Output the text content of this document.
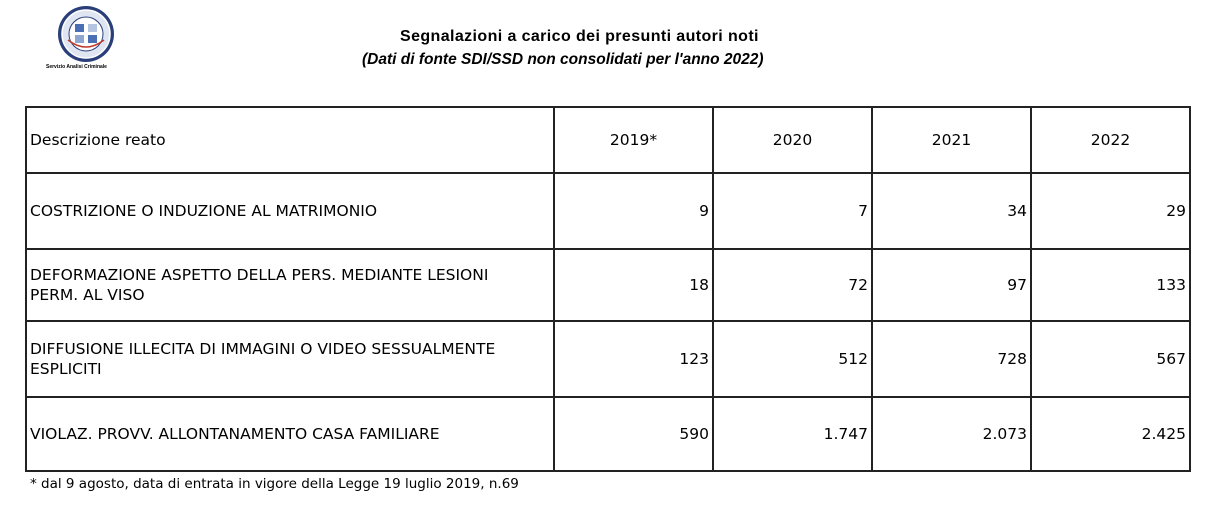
Servizio Analisi Criminale
Segnalazioni a carico dei presunti autori noti
(Dati di fonte SDI/SSD non consolidati per l'anno 2022)
Descrizione reato	2019*	2020	2021	2022
COSTRIZIONE O INDUZIONE AL MATRIMONIO	9	7	34	29
DEFORMAZIONE ASPETTO DELLA PERS. MEDIANTE LESIONI
PERM. AL VISO	18	72	97	133
DIFFUSIONE ILLECITA DI IMMAGINI O VIDEO SESSUALMENTE
ESPLICITI	123	512	728	567
VIOLAZ. PROVV. ALLONTANAMENTO CASA FAMILIARE	590	1.747	2.073	2.425
* dal 9 agosto, data di entrata in vigore della Legge 19 luglio 2019, n.69
